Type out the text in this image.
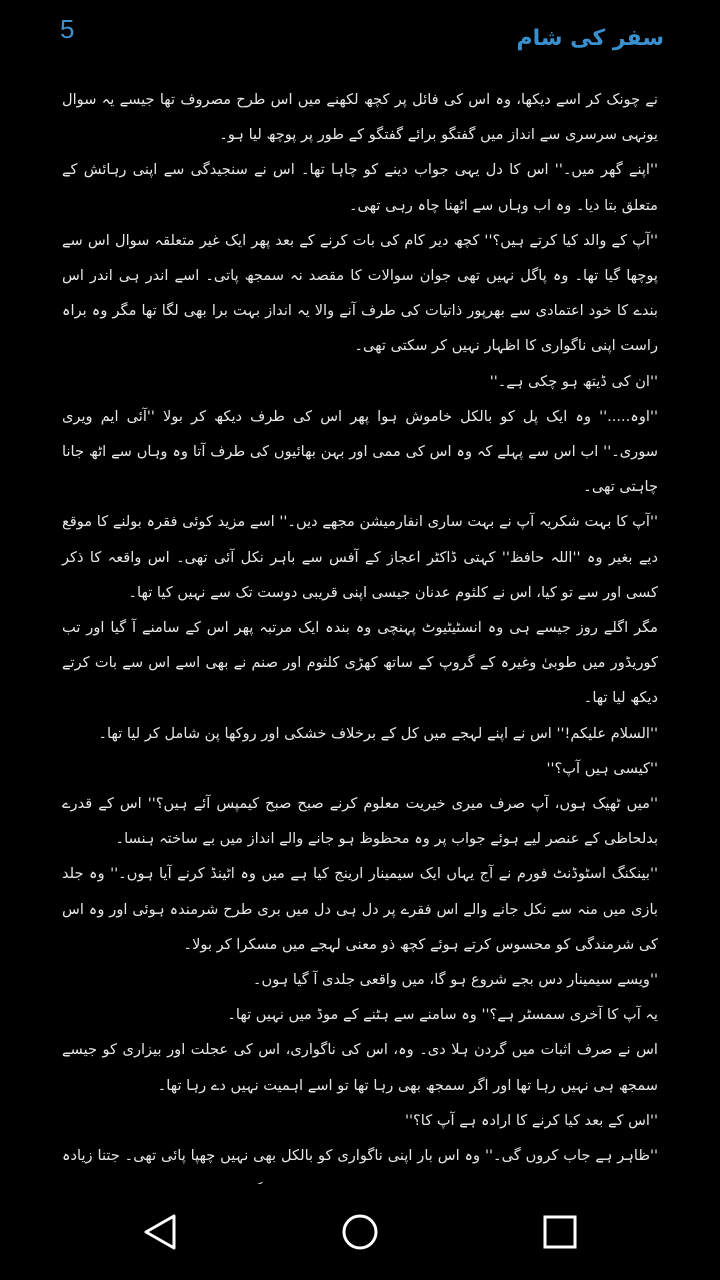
5	سفر کی شام

نے چونک کر اسے دیکھا، وہ اس کی فائل پر کچھ لکھنے میں اس طرح مصروف تھا جیسے یہ سوال یونہی سرسری سے انداز میں گفتگو برائے گفتگو کے طور پر پوچھ لیا ہو۔

''اپنے گھر میں۔'' اس کا دل یہی جواب دینے کو چاہا تھا۔ اس نے سنجیدگی سے اپنی رہائش کے متعلق بتا دیا۔ وہ اب وہاں سے اٹھنا چاہ رہی تھی۔

''آپ کے والد کیا کرتے ہیں؟'' کچھ دیر کام کی بات کرنے کے بعد پھر ایک غیر متعلقہ سوال اس سے پوچھا گیا تھا۔ وہ پاگل نہیں تھی جوان سوالات کا مقصد نہ سمجھ پاتی۔ اسے اندر ہی اندر اس بندے کا خود اعتمادی سے بھرپور ذاتیات کی طرف آنے والا یہ انداز بہت برا بھی لگا تھا مگر وہ براہ راست اپنی ناگواری کا اظہار نہیں کر سکتی تھی۔

''ان کی ڈیتھ ہو چکی ہے۔''

''اوہ.....'' وہ ایک پل کو بالکل خاموش ہوا پھر اس کی طرف دیکھ کر بولا ''آئی ایم ویری سوری۔'' اب اس سے پہلے کہ وہ اس کی ممی اور بہن بھائیوں کی طرف آتا وہ وہاں سے اٹھ جانا چاہتی تھی۔

''آپ کا بہت شکریہ آپ نے بہت ساری انفارمیشن مجھے دیں۔'' اسے مزید کوئی فقرہ بولنے کا موقع دیے بغیر وہ ''اللہ حافظ'' کہتی ڈاکٹر اعجاز کے آفس سے باہر نکل آئی تھی۔ اس واقعہ کا ذکر کسی اور سے تو کیا، اس نے کلثوم عدنان جیسی اپنی قریبی دوست تک سے نہیں کیا تھا۔

مگر اگلے روز جیسے ہی وہ انسٹیٹیوٹ پہنچی وہ بندہ ایک مرتبہ پھر اس کے سامنے آ گیا اور تب کوریڈور میں طوبیٰ وغیرہ کے گروپ کے ساتھ کھڑی کلثوم اور صنم نے بھی اسے اس سے بات کرتے دیکھ لیا تھا۔

''السلام علیکم!'' اس نے اپنے لہجے میں کل کے برخلاف خشکی اور روکھا پن شامل کر لیا تھا۔

''کیسی ہیں آپ؟''

''میں ٹھیک ہوں، آپ صرف میری خیریت معلوم کرنے صبح صبح کیمپس آئے ہیں؟'' اس کے قدرے بدلحاظی کے عنصر لیے ہوئے جواب پر وہ محظوظ ہو جانے والے انداز میں بے ساختہ ہنسا۔

''بینکنگ اسٹوڈنٹ فورم نے آج یہاں ایک سیمینار ارینج کیا ہے میں وہ اٹینڈ کرنے آیا ہوں۔'' وہ جلد بازی میں منہ سے نکل جانے والے اس فقرے پر دل ہی دل میں بری طرح شرمندہ ہوئی اور وہ اس کی شرمندگی کو محسوس کرتے ہوئے کچھ ذو معنی لہجے میں مسکرا کر بولا۔

''ویسے سیمینار دس بجے شروع ہو گا، میں واقعی جلدی آ گیا ہوں۔

یہ آپ کا آخری سمسٹر ہے؟'' وہ سامنے سے ہٹنے کے موڈ میں نہیں تھا۔

اس نے صرف اثبات میں گردن ہلا دی۔ وہ، اس کی ناگواری، اس کی عجلت اور بیزاری کو جیسے سمجھ ہی نہیں رہا تھا اور اگر سمجھ بھی رہا تھا تو اسے اہمیت نہیں دے رہا تھا۔

''اس کے بعد کیا کرنے کا ارادہ ہے آپ کا؟''

''ظاہر ہے جاب کروں گی۔'' وہ اس بار اپنی ناگواری کو بالکل بھی نہیں چھپا پائی تھی۔ جتنا زیادہ
